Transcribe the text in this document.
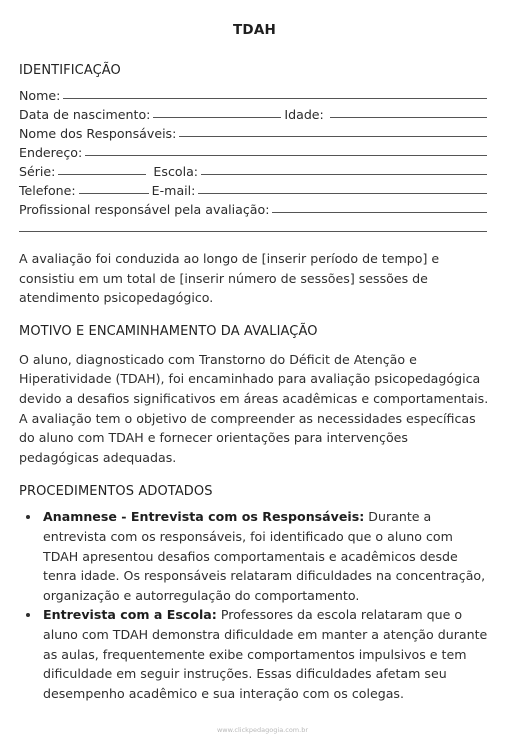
TDAH
IDENTIFICAÇÃO
Nome:
Data de nascimento:	Idade:
Nome dos Responsáveis:
Endereço:
Série:	Escola:
Telefone:	E-mail:
Profissional responsável pela avaliação:

A avaliação foi conduzida ao longo de [inserir período de tempo] e consistiu em um total de [inserir número de sessões] sessões de atendimento psicopedagógico.

MOTIVO E ENCAMINHAMENTO DA AVALIAÇÃO

O aluno, diagnosticado com Transtorno do Déficit de Atenção e Hiperatividade (TDAH), foi encaminhado para avaliação psicopedagógica devido a desafios significativos em áreas acadêmicas e comportamentais. A avaliação tem o objetivo de compreender as necessidades específicas do aluno com TDAH e fornecer orientações para intervenções pedagógicas adequadas.

PROCEDIMENTOS ADOTADOS
• Anamnese - Entrevista com os Responsáveis: Durante a entrevista com os responsáveis, foi identificado que o aluno com TDAH apresentou desafios comportamentais e acadêmicos desde tenra idade. Os responsáveis relataram dificuldades na concentração, organização e autorregulação do comportamento.
• Entrevista com a Escola: Professores da escola relataram que o aluno com TDAH demonstra dificuldade em manter a atenção durante as aulas, frequentemente exibe comportamentos impulsivos e tem dificuldade em seguir instruções. Essas dificuldades afetam seu desempenho acadêmico e sua interação com os colegas.
www.clickpedagogia.com.br
